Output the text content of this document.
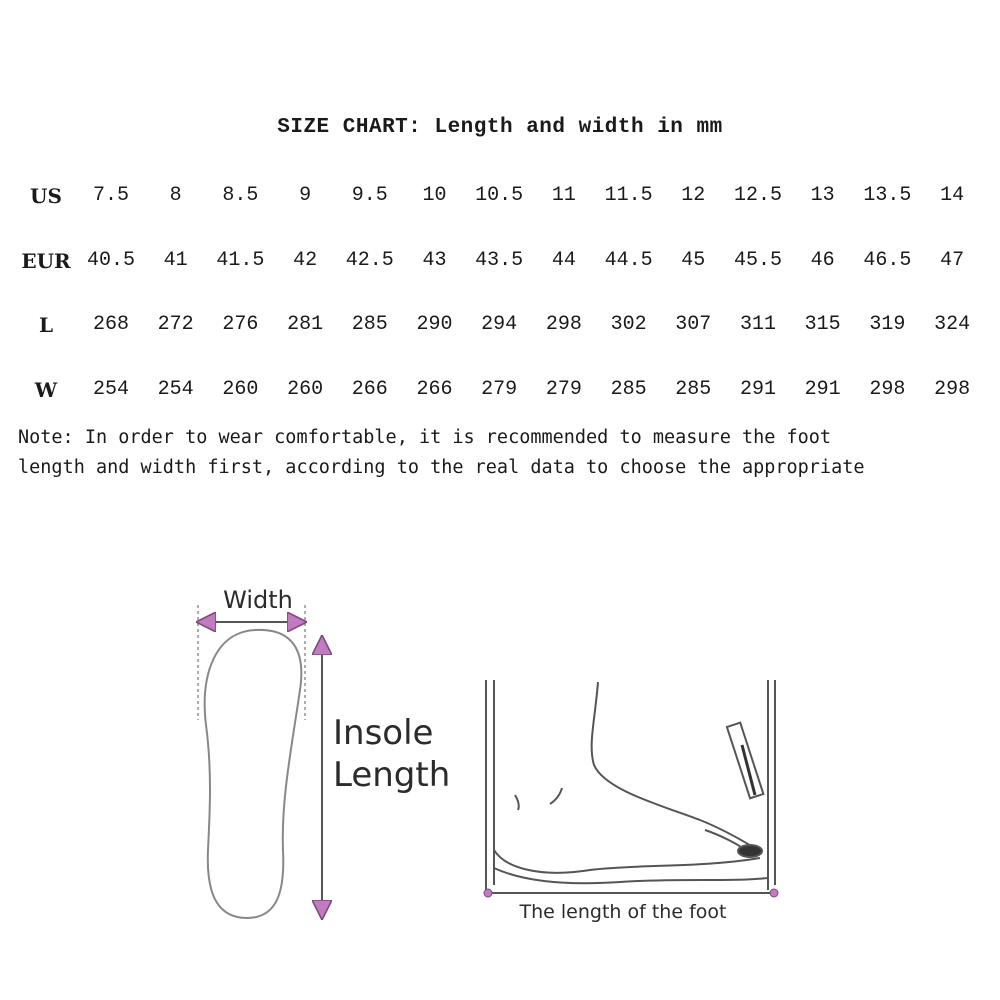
SIZE CHART: Length and width in mm
US	7.5	8	8.5	9	9.5	10	10.5	11	11.5	12	12.5	13	13.5	14
EUR 40.5	41	41.5	42	42.5	43	43.5	44	44.5	45	45.5	46	46.5	47
L	268	272	276	281	285	290	294	298	302	307	311	315	319	324
W	254	254	260	260	266	266	279	279	285	285	291	291	298	298
Note: In order to wear comfortable, it is recommended to measure the foot
length and width first, according to the real data to choose the appropriate
Width
Insole
Length
The length of the foot
